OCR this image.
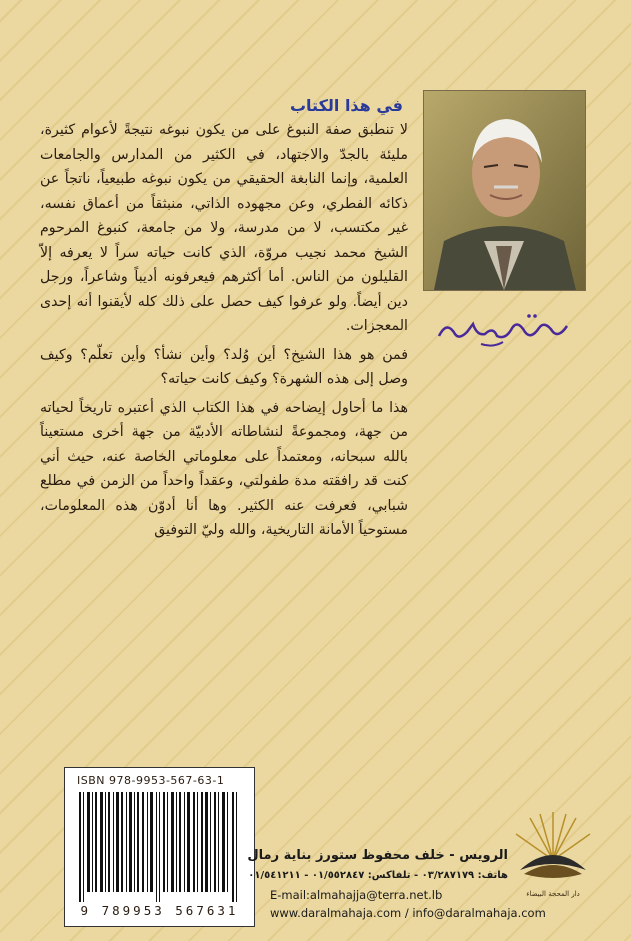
في هذا الكتاب

لا تنطبق صفة النبوغ على من يكون نبوغه نتيجةً لأعوام كثيرة، مليئة بالجدّ والاجتهاد، في الكثير من المدارس والجامعات العلمية، وإنما النابغة الحقيقي من يكون نبوغه طبيعياً، ناتجاً عن ذكائه الفطري، وعن مجهوده الذاتي، منبثقاً من أعماق نفسه، غير مكتسب، لا من مدرسة، ولا من جامعة، كنبوغ المرحوم الشيخ محمد نجيب مروّة، الذي كانت حياته سراً لا يعرفه إلاّ القليلون من الناس. أما أكثرهم فيعرفونه أديباً وشاعراً، ورجل دين أيضاً. ولو عرفوا كيف حصل على ذلك كله لأيقنوا أنه إحدى المعجزات.

فمن هو هذا الشيخ؟ أين وُلد؟ وأين نشأ؟ وأين تعلّم؟ وكيف وصل إلى هذه الشهرة؟ وكيف كانت حياته؟

هذا ما أحاول إيضاحه في هذا الكتاب الذي أعتبره تاريخاً لحياته من جهة، ومجموعةً لنشاطاته الأدبيّة من جهة أخرى مستعيناً بالله سبحانه، ومعتمداً على معلوماتي الخاصة عنه، حيث أني كنت قد رافقته مدة طفولتي، وعقداً واحداً من الزمن في مطلع شبابي، فعرفت عنه الكثير. وها أنا أدوّن هذه المعلومات، مستوحياً الأمانة التاريخية، والله وليّ التوفيق

ISBN 978-9953-567-63-1
9 789953 567631
الرويس - خلف محفوظ ستورز بناية رمال
هاتف: ٠٣/٢٨٧١٧٩ - تلفاكس: ٠١/٥٥٢٨٤٧ - ٠١/٥٤١٢١١
E-mail:almahajja@terra.net.lb
www.daralmahaja.com / info@daralmahaja.com
دار المحجة البيضاء
